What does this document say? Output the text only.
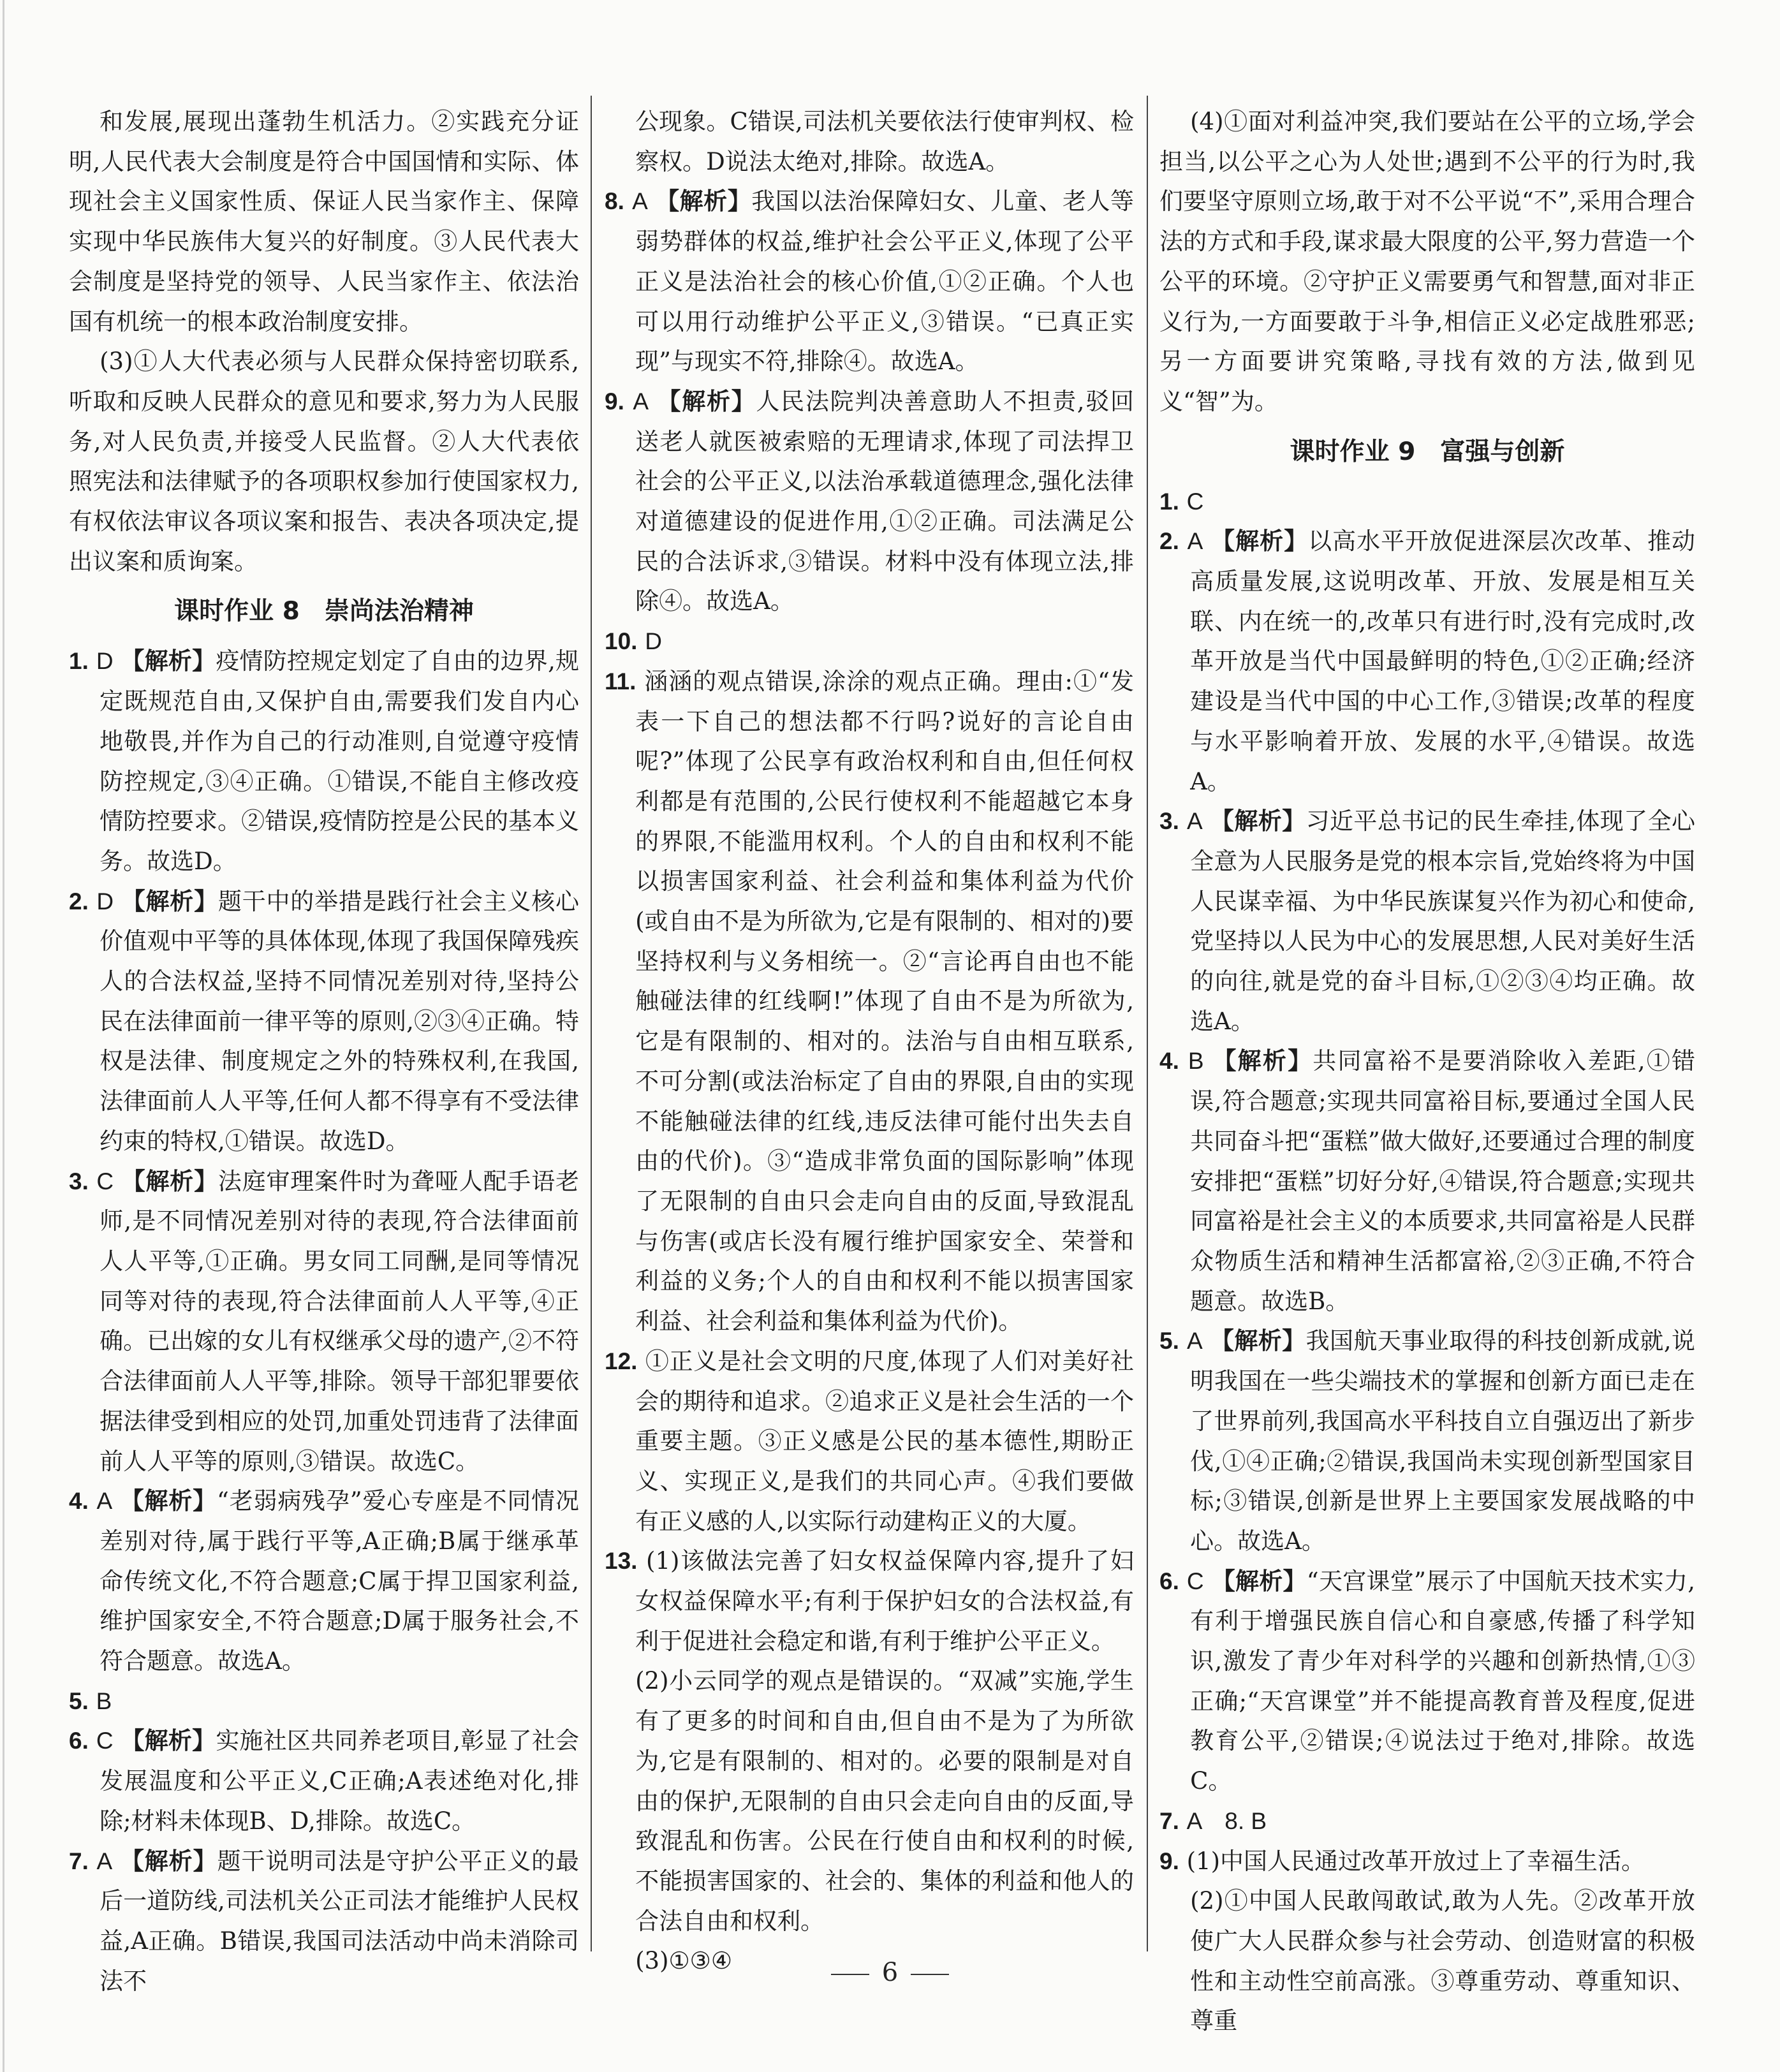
和发展,展现出蓬勃生机活力。②实践充分证明,人民代表大会制度是符合中国国情和实际、体现社会主义国家性质、保证人民当家作主、保障实现中华民族伟大复兴的好制度。③人民代表大会制度是坚持党的领导、人民当家作主、依法治国有机统一的根本政治制度安排。

(3)①人大代表必须与人民群众保持密切联系,听取和反映人民群众的意见和要求,努力为人民服务,对人民负责,并接受人民监督。②人大代表依照宪法和法律赋予的各项职权参加行使国家权力,有权依法审议各项议案和报告、表决各项决定,提出议案和质询案。

课时作业 8　崇尚法治精神

1. D 【解析】疫情防控规定划定了自由的边界,规定既规范自由,又保护自由,需要我们发自内心地敬畏,并作为自己的行动准则,自觉遵守疫情防控规定,③④正确。①错误,不能自主修改疫情防控要求。②错误,疫情防控是公民的基本义务。故选D。

2. D 【解析】题干中的举措是践行社会主义核心价值观中平等的具体体现,体现了我国保障残疾人的合法权益,坚持不同情况差别对待,坚持公民在法律面前一律平等的原则,②③④正确。特权是法律、制度规定之外的特殊权利,在我国,法律面前人人平等,任何人都不得享有不受法律约束的特权,①错误。故选D。

3. C 【解析】法庭审理案件时为聋哑人配手语老师,是不同情况差别对待的表现,符合法律面前人人平等,①正确。男女同工同酬,是同等情况同等对待的表现,符合法律面前人人平等,④正确。已出嫁的女儿有权继承父母的遗产,②不符合法律面前人人平等,排除。领导干部犯罪要依据法律受到相应的处罚,加重处罚违背了法律面前人人平等的原则,③错误。故选C。

4. A 【解析】“老弱病残孕”爱心专座是不同情况差别对待,属于践行平等,A正确;B属于继承革命传统文化,不符合题意;C属于捍卫国家利益,维护国家安全,不符合题意;D属于服务社会,不符合题意。故选A。

5. B

6. C 【解析】实施社区共同养老项目,彰显了社会发展温度和公平正义,C正确;A表述绝对化,排除;材料未体现B、D,排除。故选C。

7. A 【解析】题干说明司法是守护公平正义的最后一道防线,司法机关公正司法才能维护人民权益,A正确。B错误,我国司法活动中尚未消除司法不

公现象。C错误,司法机关要依法行使审判权、检察权。D说法太绝对,排除。故选A。

8. A 【解析】我国以法治保障妇女、儿童、老人等弱势群体的权益,维护社会公平正义,体现了公平正义是法治社会的核心价值,①②正确。个人也可以用行动维护公平正义,③错误。“已真正实现”与现实不符,排除④。故选A。

9. A 【解析】人民法院判决善意助人不担责,驳回送老人就医被索赔的无理请求,体现了司法捍卫社会的公平正义,以法治承载道德理念,强化法律对道德建设的促进作用,①②正确。司法满足公民的合法诉求,③错误。材料中没有体现立法,排除④。故选A。

10. D

11. 涵涵的观点错误,涂涂的观点正确。理由:①“发表一下自己的想法都不行吗?说好的言论自由呢?”体现了公民享有政治权利和自由,但任何权利都是有范围的,公民行使权利不能超越它本身的界限,不能滥用权利。个人的自由和权利不能以损害国家利益、社会利益和集体利益为代价(或自由不是为所欲为,它是有限制的、相对的)要坚持权利与义务相统一。②“言论再自由也不能触碰法律的红线啊!”体现了自由不是为所欲为,它是有限制的、相对的。法治与自由相互联系,不可分割(或法治标定了自由的界限,自由的实现不能触碰法律的红线,违反法律可能付出失去自由的代价)。③“造成非常负面的国际影响”体现了无限制的自由只会走向自由的反面,导致混乱与伤害(或店长没有履行维护国家安全、荣誉和利益的义务;个人的自由和权利不能以损害国家利益、社会利益和集体利益为代价)。

12. ①正义是社会文明的尺度,体现了人们对美好社会的期待和追求。②追求正义是社会生活的一个重要主题。③正义感是公民的基本德性,期盼正义、实现正义,是我们的共同心声。④我们要做有正义感的人,以实际行动建构正义的大厦。

13. (1)该做法完善了妇女权益保障内容,提升了妇女权益保障水平;有利于保护妇女的合法权益,有利于促进社会稳定和谐,有利于维护公平正义。

(2)小云同学的观点是错误的。“双减”实施,学生有了更多的时间和自由,但自由不是为了为所欲为,它是有限制的、相对的。必要的限制是对自由的保护,无限制的自由只会走向自由的反面,导致混乱和伤害。公民在行使自由和权利的时候,不能损害国家的、社会的、集体的利益和他人的合法自由和权利。

(3)①③④

(4)①面对利益冲突,我们要站在公平的立场,学会担当,以公平之心为人处世;遇到不公平的行为时,我们要坚守原则立场,敢于对不公平说“不”,采用合理合法的方式和手段,谋求最大限度的公平,努力营造一个公平的环境。②守护正义需要勇气和智慧,面对非正义行为,一方面要敢于斗争,相信正义必定战胜邪恶;另一方面要讲究策略,寻找有效的方法,做到见义“智”为。

课时作业 9　富强与创新

1. C

2. A 【解析】以高水平开放促进深层次改革、推动高质量发展,这说明改革、开放、发展是相互关联、内在统一的,改革只有进行时,没有完成时,改革开放是当代中国最鲜明的特色,①②正确;经济建设是当代中国的中心工作,③错误;改革的程度与水平影响着开放、发展的水平,④错误。故选A。

3. A 【解析】习近平总书记的民生牵挂,体现了全心全意为人民服务是党的根本宗旨,党始终将为中国人民谋幸福、为中华民族谋复兴作为初心和使命,党坚持以人民为中心的发展思想,人民对美好生活的向往,就是党的奋斗目标,①②③④均正确。故选A。

4. B 【解析】共同富裕不是要消除收入差距,①错误,符合题意;实现共同富裕目标,要通过全国人民共同奋斗把“蛋糕”做大做好,还要通过合理的制度安排把“蛋糕”切好分好,④错误,符合题意;实现共同富裕是社会主义的本质要求,共同富裕是人民群众物质生活和精神生活都富裕,②③正确,不符合题意。故选B。

5. A 【解析】我国航天事业取得的科技创新成就,说明我国在一些尖端技术的掌握和创新方面已走在了世界前列,我国高水平科技自立自强迈出了新步伐,①④正确;②错误,我国尚未实现创新型国家目标;③错误,创新是世界上主要国家发展战略的中心。故选A。

6. C 【解析】“天宫课堂”展示了中国航天技术实力,有利于增强民族自信心和自豪感,传播了科学知识,激发了青少年对科学的兴趣和创新热情,①③正确;“天宫课堂”并不能提高教育普及程度,促进教育公平,②错误;④说法过于绝对,排除。故选C。

7. A　8. B

9. (1)中国人民通过改革开放过上了幸福生活。

(2)①中国人民敢闯敢试,敢为人先。②改革开放使广大人民群众参与社会劳动、创造财富的积极性和主动性空前高涨。③尊重劳动、尊重知识、尊重

6
